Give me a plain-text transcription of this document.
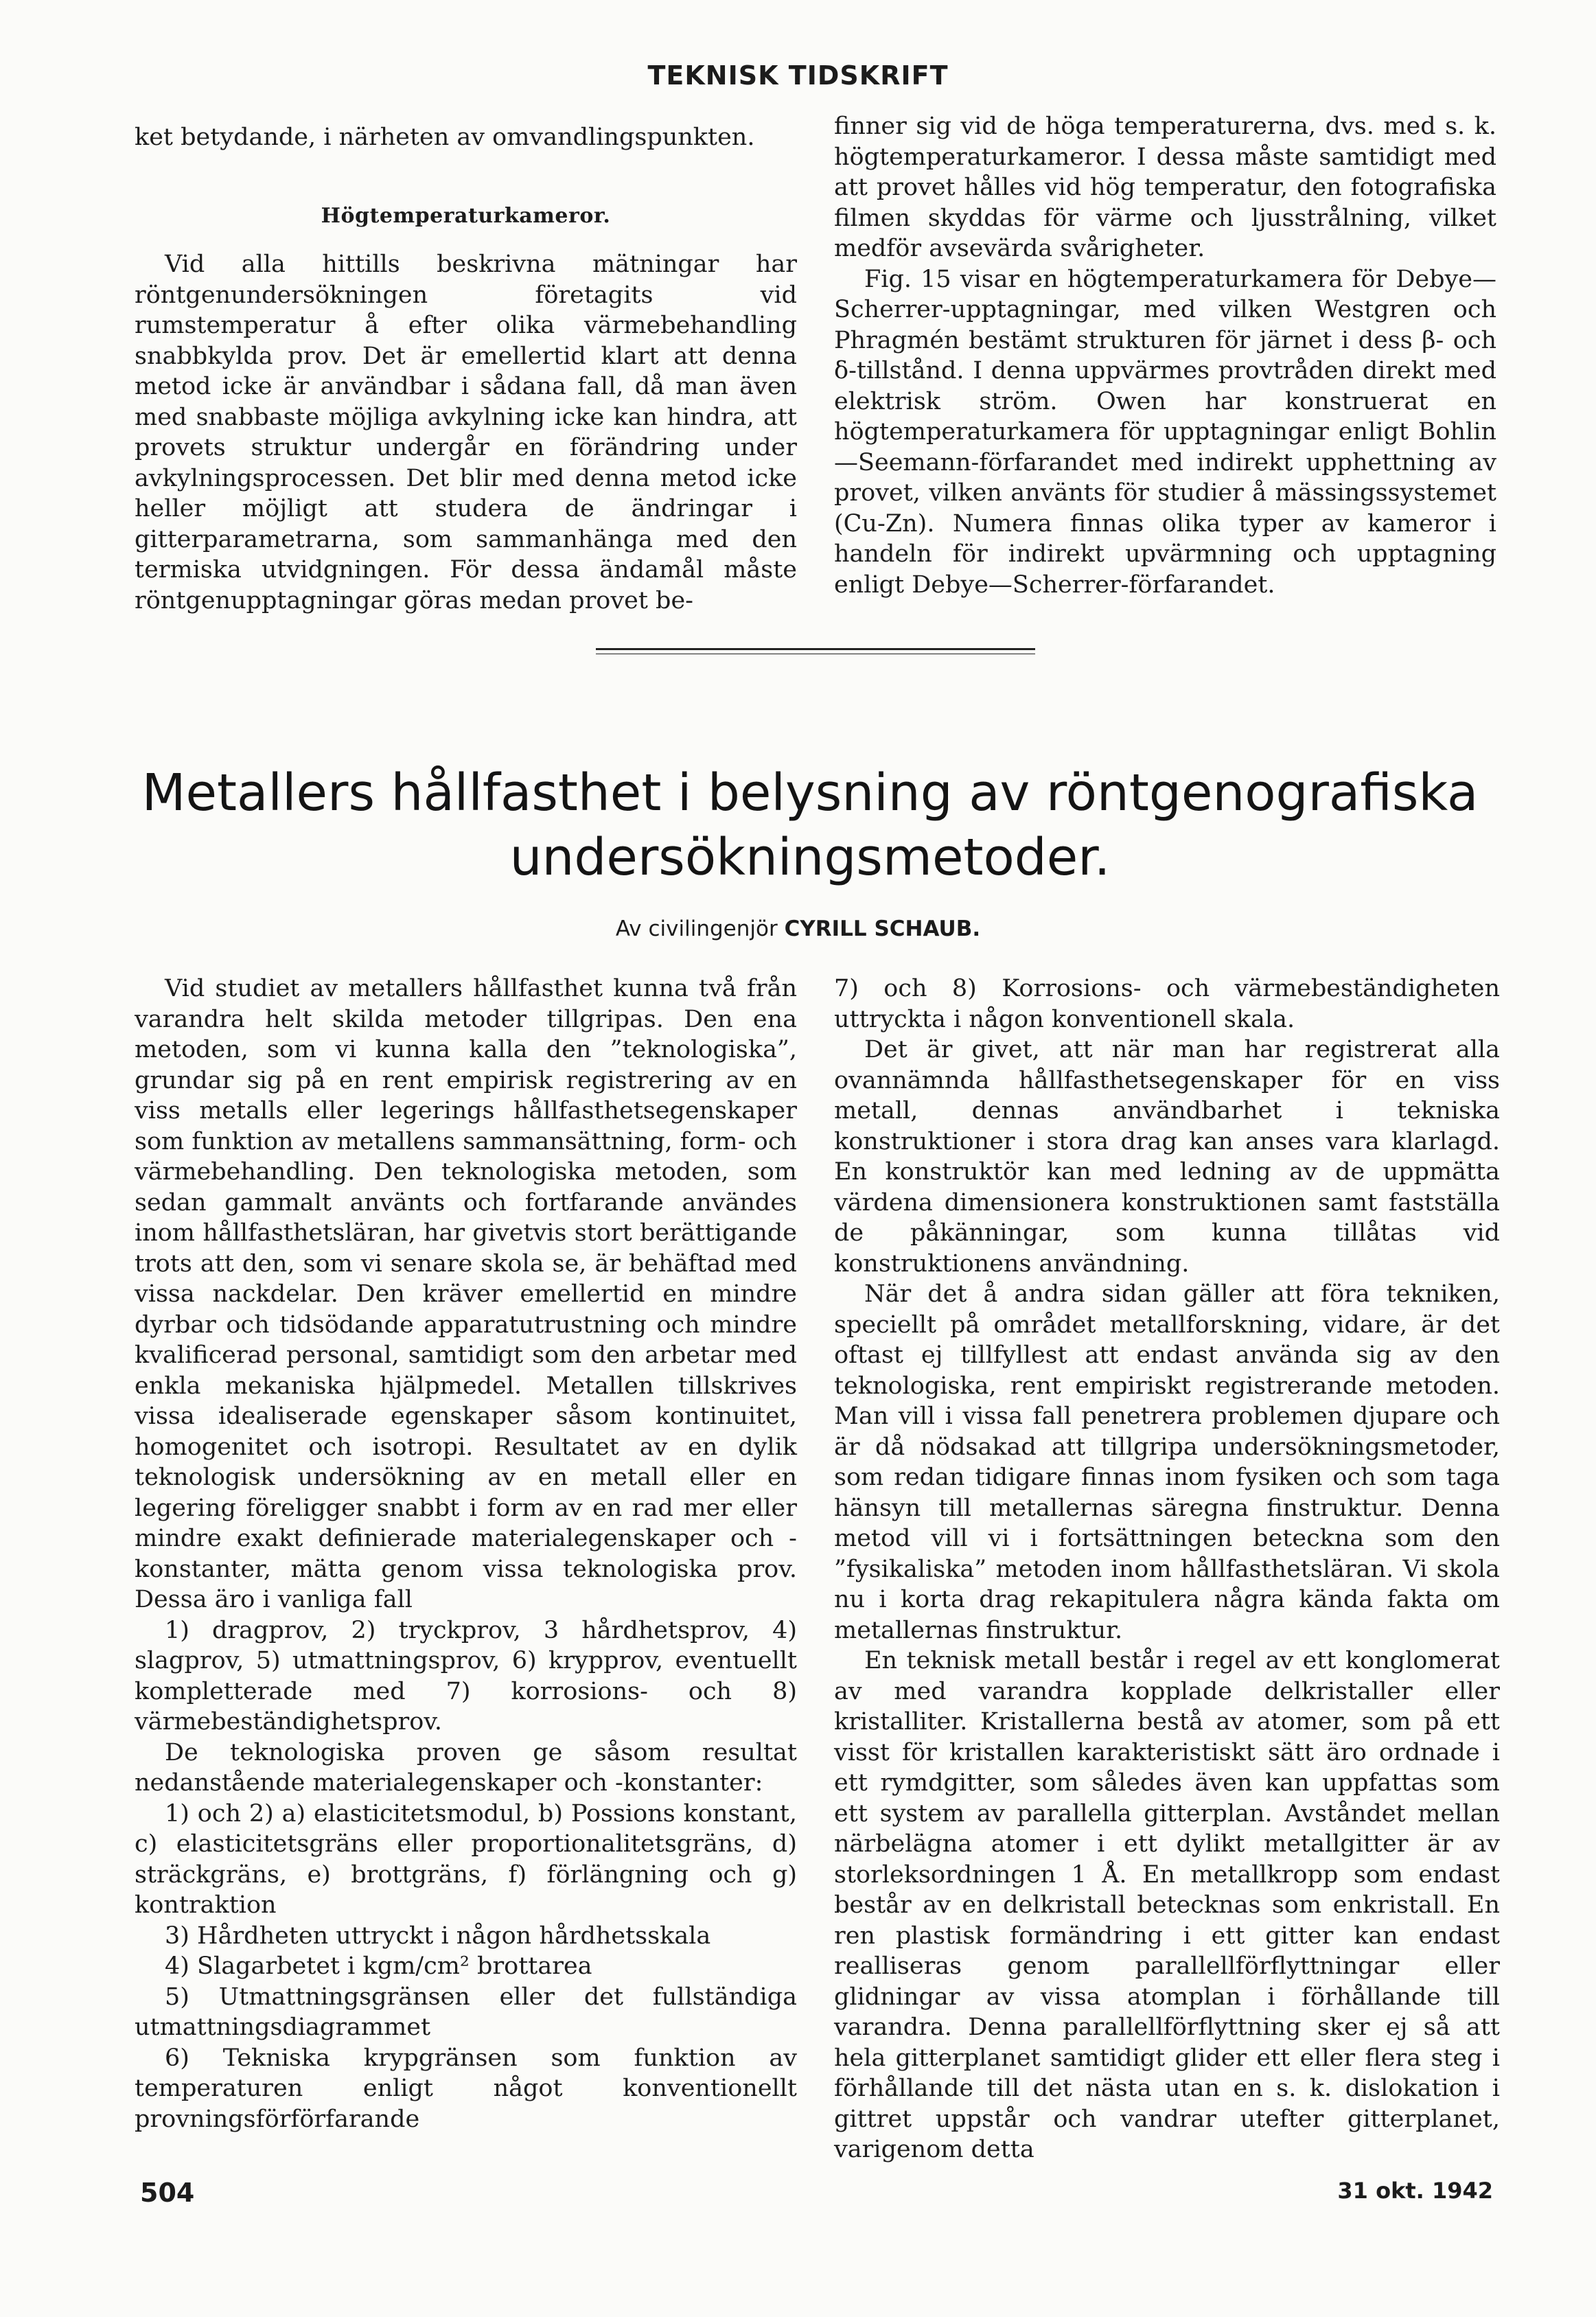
TEKNISK TIDSKRIFT

ket betydande, i närheten av omvandlingspunkten.

Högtemperaturkameror.

Vid alla hittills beskrivna mätningar har röntgenundersökningen företagits vid rumstemperatur å efter olika värmebehandling snabbkylda prov. Det är emellertid klart att denna metod icke är användbar i sådana fall, då man även med snabbaste möjliga avkylning icke kan hindra, att provets struktur undergår en förändring under avkylningsprocessen. Det blir med denna metod icke heller möjligt att studera de ändringar i gitterparametrarna, som sammanhänga med den termiska utvidgningen. För dessa ändamål måste röntgenupptagningar göras medan provet be-

finner sig vid de höga temperaturerna, dvs. med s. k. högtemperaturkameror. I dessa måste samtidigt med att provet hålles vid hög temperatur, den fotografiska filmen skyddas för värme och ljusstrålning, vilket medför avsevärda svårigheter.

Fig. 15 visar en högtemperaturkamera för Debye—Scherrer-upptagningar, med vilken Westgren och Phragmén bestämt strukturen för järnet i dess β- och δ-tillstånd. I denna uppvärmes provtråden direkt med elektrisk ström. Owen har konstruerat en högtemperaturkamera för upptagningar enligt Bohlin—Seemann-förfarandet med indirekt upphettning av provet, vilken använts för studier å mässingssystemet (Cu-Zn). Numera finnas olika typer av kameror i handeln för indirekt upvärmning och upptagning enligt Debye—Scherrer-förfarandet.

Metallers hållfasthet i belysning av röntgenografiska undersökningsmetoder.
Av civilingenjör CYRILL SCHAUB.

Vid studiet av metallers hållfasthet kunna två från varandra helt skilda metoder tillgripas. Den ena metoden, som vi kunna kalla den ”teknologiska”, grundar sig på en rent empirisk registrering av en viss metalls eller legerings hållfasthetsegenskaper som funktion av metallens sammansättning, form- och värmebehandling. Den teknologiska metoden, som sedan gammalt använts och fortfarande användes inom hållfasthetsläran, har givetvis stort berättigande trots att den, som vi senare skola se, är behäftad med vissa nackdelar. Den kräver emellertid en mindre dyrbar och tidsödande apparatutrustning och mindre kvalificerad personal, samtidigt som den arbetar med enkla mekaniska hjälpmedel. Metallen tillskrives vissa idealiserade egenskaper såsom kontinuitet, homogenitet och isotropi. Resultatet av en dylik teknologisk undersökning av en metall eller en legering föreligger snabbt i form av en rad mer eller mindre exakt definierade materialegenskaper och -konstanter, mätta genom vissa teknologiska prov. Dessa äro i vanliga fall

1) dragprov, 2) tryckprov, 3 hårdhetsprov, 4) slagprov, 5) utmattningsprov, 6) krypprov, eventuellt kompletterade med 7) korrosions- och 8) värmebeständighetsprov.

De teknologiska proven ge såsom resultat nedanstående materialegenskaper och -konstanter:

1) och 2) a) elasticitetsmodul, b) Possions konstant, c) elasticitetsgräns eller proportionalitetsgräns, d) sträckgräns, e) brottgräns, f) förlängning och g) kontraktion

3) Hårdheten uttryckt i någon hårdhetsskala

4) Slagarbetet i kgm/cm² brottarea

5) Utmattningsgränsen eller det fullständiga utmattningsdiagrammet

6) Tekniska krypgränsen som funktion av temperaturen enligt något konventionellt provningsförförfarande

7) och 8) Korrosions- och värmebeständigheten uttryckta i någon konventionell skala.

Det är givet, att när man har registrerat alla ovannämnda hållfasthetsegenskaper för en viss metall, dennas användbarhet i tekniska konstruktioner i stora drag kan anses vara klarlagd. En konstruktör kan med ledning av de uppmätta värdena dimensionera konstruktionen samt fastställa de påkänningar, som kunna tillåtas vid konstruktionens användning.

När det å andra sidan gäller att föra tekniken, speciellt på området metallforskning, vidare, är det oftast ej tillfyllest att endast använda sig av den teknologiska, rent empiriskt registrerande metoden. Man vill i vissa fall penetrera problemen djupare och är då nödsakad att tillgripa undersökningsmetoder, som redan tidigare finnas inom fysiken och som taga hänsyn till metallernas säregna finstruktur. Denna metod vill vi i fortsättningen beteckna som den ”fysikaliska” metoden inom hållfasthetsläran. Vi skola nu i korta drag rekapitulera några kända fakta om metallernas finstruktur.

En teknisk metall består i regel av ett konglomerat av med varandra kopplade delkristaller eller kristalliter. Kristallerna bestå av atomer, som på ett visst för kristallen karakteristiskt sätt äro ordnade i ett rymdgitter, som således även kan uppfattas som ett system av parallella gitterplan. Avståndet mellan närbelägna atomer i ett dylikt metallgitter är av storleksordningen 1 Å. En metallkropp som endast består av en delkristall betecknas som enkristall. En ren plastisk formändring i ett gitter kan endast realliseras genom parallellförflyttningar eller glidningar av vissa atomplan i förhållande till varandra. Denna parallellförflyttning sker ej så att hela gitterplanet samtidigt glider ett eller flera steg i förhållande till det nästa utan en s. k. dislokation i gittret uppstår och vandrar utefter gitterplanet, varigenom detta

504	31 okt. 1942
